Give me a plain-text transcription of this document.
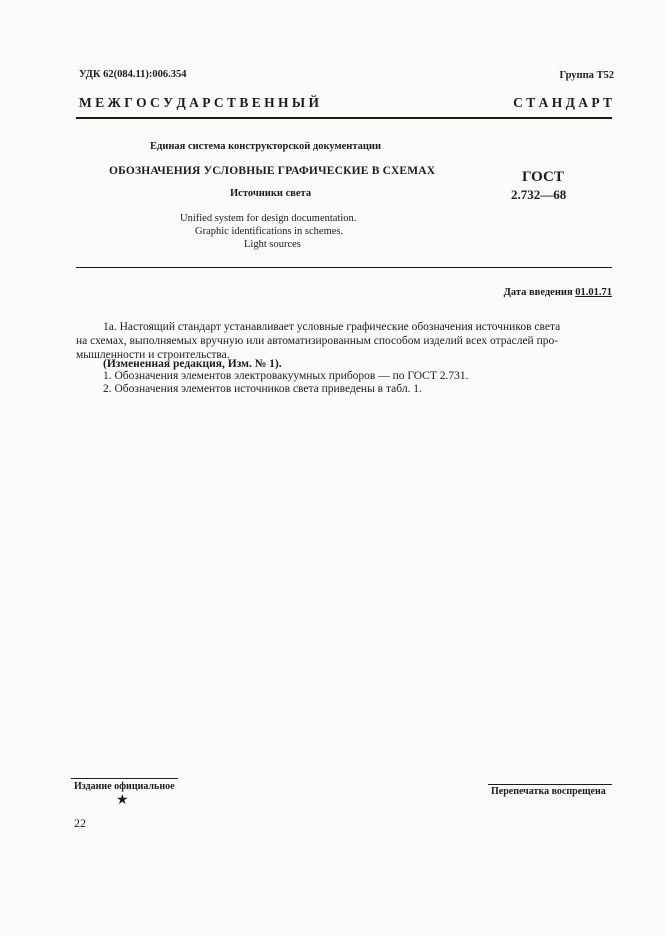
УДК 62(084.11):006.354	Группа Т52
М Е Ж Г О С У Д А Р С Т В Е Н Н Ы Й	С Т А Н Д А Р Т
Единая система конструкторской документации
ОБОЗНАЧЕНИЯ УСЛОВНЫЕ ГРАФИЧЕСКИЕ В СХЕМАХ
Источники света
Unified system for design documentation.
Graphic identifications in schemes.
Light sources
ГОСТ
2.732—68
Дата введения 01.01.71
1а. Настоящий стандарт устанавливает условные графические обозначения источников света
на схемах, выполняемых вручную или автоматизированным способом изделий всех отраслей про-
мышленности и строительства.
(Измененная редакция, Изм. № 1).
1. Обозначения элементов электровакуумных приборов — по ГОСТ 2.731.
2. Обозначения элементов источников света приведены в табл. 1.
Издание официальное
★
Перепечатка воспрещена
22
